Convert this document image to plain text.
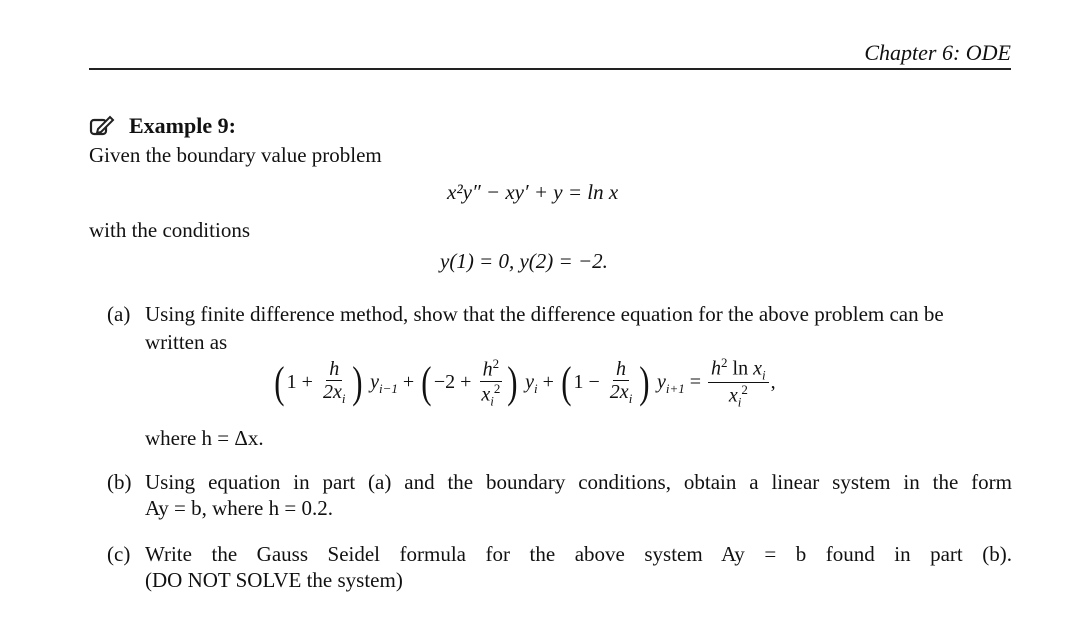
Chapter 6: ODE
Example 9:
Given the boundary value problem
x²y″ − xy′ + y = ln x
with the conditions
y(1) = 0, y(2) = −2.
(a) Using finite difference method, show that the difference equation for the above problem can be
written as
( $1 + \frac{h}{2x_i}$ ) $y_{i-1}$ + ( $-2 + \frac{h^2}{x_i^2}$ ) $y_i$ + ( $1 - \frac{h}{2x_i}$ ) $y_{i+1} = \frac{h^2 \ln x_i}{x_i^2}$ ,
where h = Δx.
(b) Using equation in part (a) and the boundary conditions, obtain a linear system in the form
Ay = b, where h = 0.2.
(c) Write the Gauss Seidel formula for the above system Ay = b found in part (b).
(DO NOT SOLVE the system)
